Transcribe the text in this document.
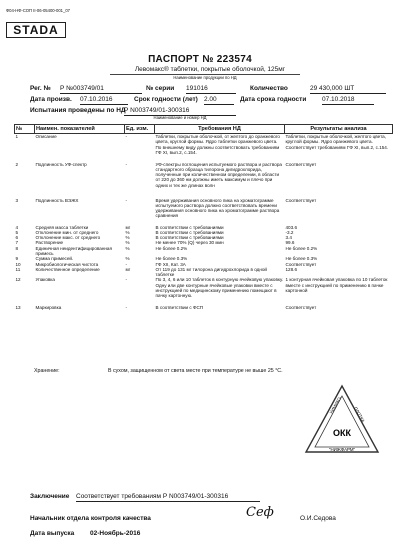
Ф04-НФ-СОП II-06-05400-001_07
STADA
ПАСПОРТ № 223574
Левомакс® таблетки, покрытые оболочкой, 125мг
Наименование продукции по НД
Рег. № Р №003749/01	№ серии 191016	Количество	29 430,000 ШТ
Дата произв. 07.10.2016	Срок годности (лет) 2.00	Дата срока годности 07.10.2018
Испытания проведены по НД
Р N003749/01-300316
Наименование и номер НД
№	Наимен. показателей	Ед. изм.	Требования НД	Результаты анализа
1	Описание	-	Таблетки, покрытые оболочкой, от желтого до оранжевого цвета, круглой формы. Ядро таблетки оранжевого цвета. По внешнему виду должны соответствовать требованиям ГФ XI, вып.2, с.154.	Таблетки, покрытые оболочкой, желтого цвета, круглой формы. Ядро оранжевого цвета. Соответствует требованиям ГФ XI, вып.2, с.154.
2	Подлинность УФ-спектр	-	УФ-спектры поглощения испытуемого раствора и раствора стандартного образца тилорона дигидрохлорида, полученные при количественном определении, в области от 220 до 360 нм должны иметь максимум и плечо при одних и тех же длинах волн	Соответствует
3	Подлинность ВЭЖХ	-	Время удерживания основного пика на хроматограмме испытуемого раствора должно соответствовать времени удерживания основного пика на хроматограмме раствора сравнения	Соответствует
4	Средняя масса таблетки	мг	В соответствии с требованиями	403.6
5	Отклонение мин. от среднего	%	В соответствии с требованиями	-3.2
6	Отклонение макс. от среднего	%	В соответствии с требованиями	3.4
7	Растворение	%	Не менее 70% (Q) через 30 мин	99.6
8	Единичная неидентифицированная примесь	%	Не более 0.2%	Не более 0.2%
9	Сумма примесей.	%	Не более 0.3%	Не более 0.3%
10	Микробиологическая чистота	-	ГФ XII, Кат. 3А	Соответствует
11	Количественное определение	мг	От 119 до 131 мг тилорона дигидрохлорида в одной таблетке	128.6
12	Упаковка	-	По 3, 4, 6 или 10 таблеток в контурную ячейковую упаковку. Одну или две контурные ячейковые упаковки вместе с инструкцией по медицинскому применению помещают в пачку картонную.	1 контурная ячейковая упаковка по 10 таблеток вместе с инструкцией по применению в пачке картонной
13	Маркировка	-	В соответствии с ФСП	Соответствует
Хранение:	В сухом, защищенном от света месте при температуре не выше 25 °С.
ХИМИКО-
ПЛОТКА
ОКК
"НИЖФАРМ"
Заключение Соответствует требованиям Р N003749/01-300316
Начальник отдела контроля качества	Сеф	О.И.Седова
Дата выпуска 02-Ноябрь-2016
